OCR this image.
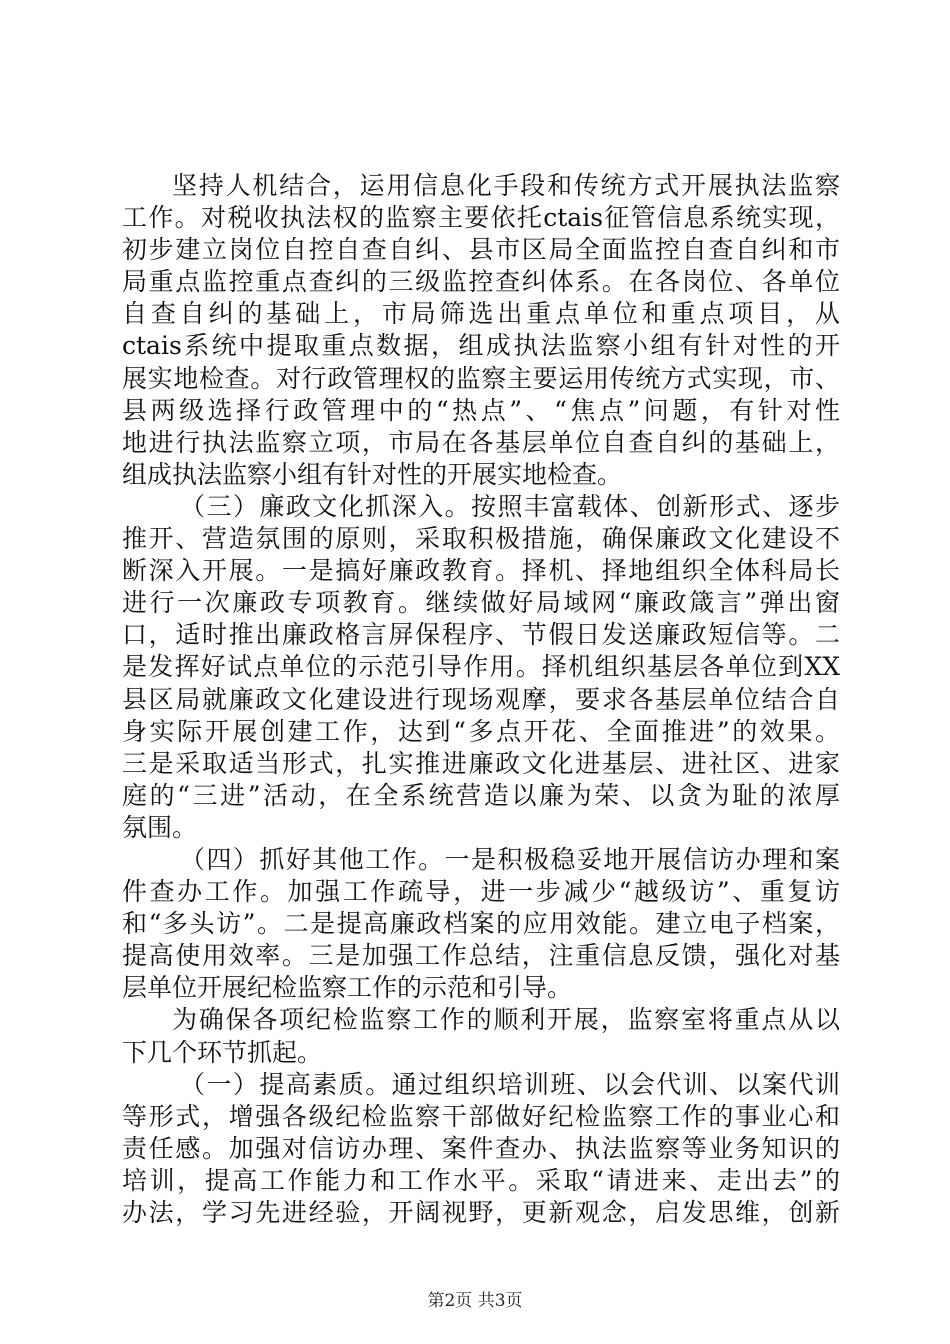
坚持人机结合，运用信息化手段和传统方式开展执法监察
工作。对税收执法权的监察主要依托ctais征管信息系统实现，
初步建立岗位自控自查自纠、县市区局全面监控自查自纠和市
局重点监控重点查纠的三级监控查纠体系。在各岗位、各单位
自查自纠的基础上，市局筛选出重点单位和重点项目，从
ctais系统中提取重点数据，组成执法监察小组有针对性的开
展实地检查。对行政管理权的监察主要运用传统方式实现，市、
县两级选择行政管理中的“热点”、“焦点”问题，有针对性
地进行执法监察立项，市局在各基层单位自查自纠的基础上，
组成执法监察小组有针对性的开展实地检查。
（三）廉政文化抓深入。按照丰富载体、创新形式、逐步
推开、营造氛围的原则，采取积极措施，确保廉政文化建设不
断深入开展。一是搞好廉政教育。择机、择地组织全体科局长
进行一次廉政专项教育。继续做好局域网“廉政箴言”弹出窗
口，适时推出廉政格言屏保程序、节假日发送廉政短信等。二
是发挥好试点单位的示范引导作用。择机组织基层各单位到XX
县区局就廉政文化建设进行现场观摩，要求各基层单位结合自
身实际开展创建工作，达到“多点开花、全面推进”的效果。
三是采取适当形式，扎实推进廉政文化进基层、进社区、进家
庭的“三进”活动，在全系统营造以廉为荣、以贪为耻的浓厚
氛围。
（四）抓好其他工作。一是积极稳妥地开展信访办理和案
件查办工作。加强工作疏导，进一步减少“越级访”、重复访
和“多头访”。二是提高廉政档案的应用效能。建立电子档案，
提高使用效率。三是加强工作总结，注重信息反馈，强化对基
层单位开展纪检监察工作的示范和引导。
为确保各项纪检监察工作的顺利开展，监察室将重点从以
下几个环节抓起。
（一）提高素质。通过组织培训班、以会代训、以案代训
等形式，增强各级纪检监察干部做好纪检监察工作的事业心和
责任感。加强对信访办理、案件查办、执法监察等业务知识的
培训，提高工作能力和工作水平。采取“请进来、走出去”的
办法，学习先进经验，开阔视野，更新观念，启发思维，创新
第2页 共3页
